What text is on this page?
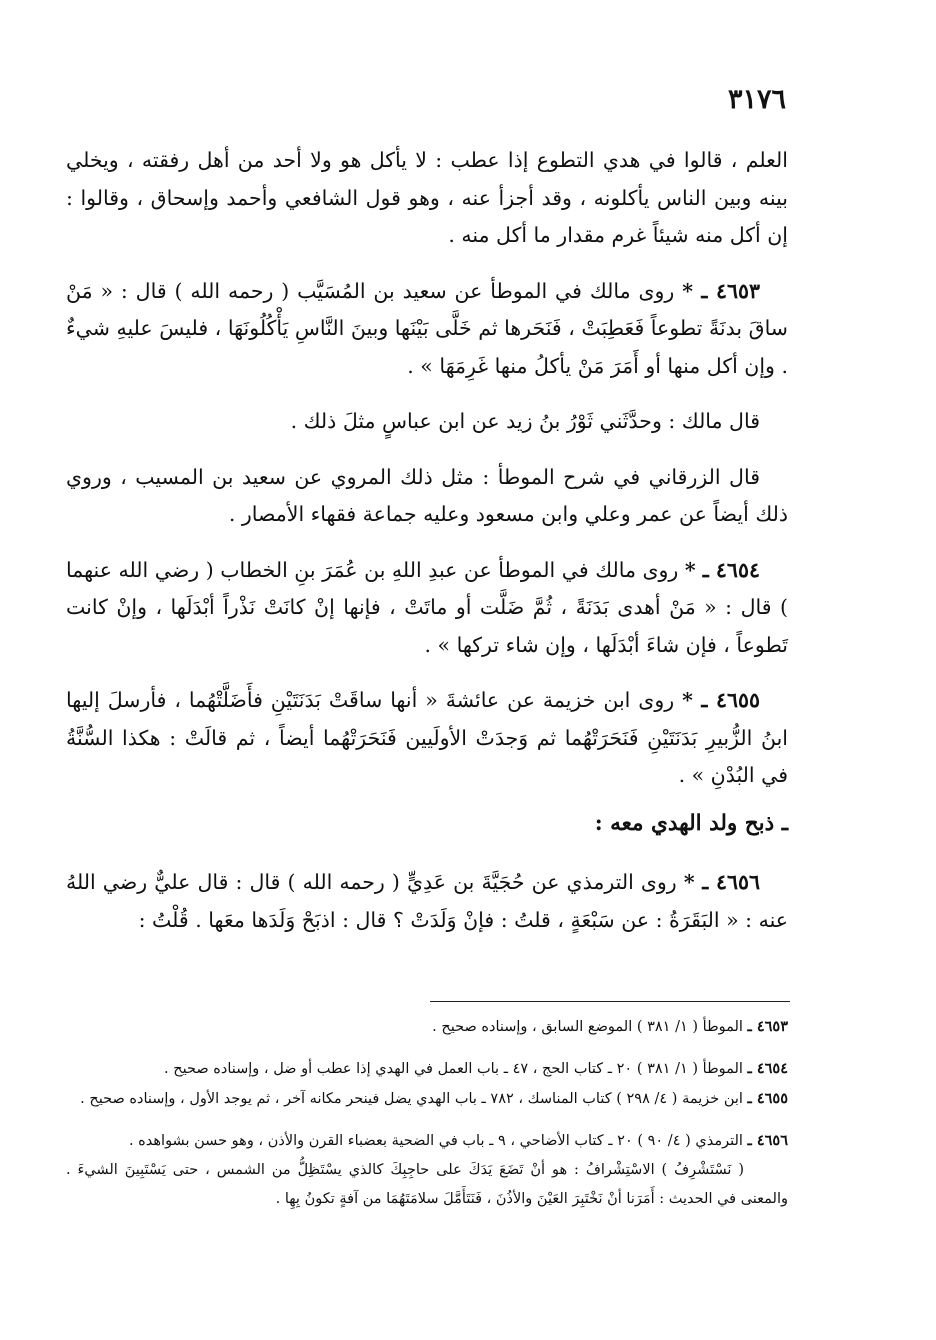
٣١٧٦

العلم ، قالوا في هدي التطوع إذا عطب : لا يأكل هو ولا أحد من أهل رفقته ، ويخلي بينه وبين الناس يأكلونه ، وقد أجزأ عنه ، وهو قول الشافعي وأحمد وإسحاق ، وقالوا : إن أكل منه شيئاً غرم مقدار ما أكل منه .

٤٦٥٣ ـ * روى مالك في الموطأ عن سعيد بن المُسَيَّب ( رحمه الله ) قال : « مَنْ ساقَ بدنَةً تطوعاً فَعَطِبَتْ ، فَنَحَرها ثم خَلَّى بَيْنَها وبينَ النَّاسِ يَأْكُلُونَهَا ، فليسَ عليهِ شيءٌ . وإن أكل منها أو أَمَرَ مَنْ يأكلُ منها غَرِمَهَا » .

قال مالك : وحدَّثَني ثَوْرُ بنُ زيد عن ابن عباسٍ مثلَ ذلك .

قال الزرقاني في شرح الموطأ : مثل ذلك المروي عن سعيد بن المسيب ، وروي ذلك أيضاً عن عمر وعلي وابن مسعود وعليه جماعة فقهاء الأمصار .

٤٦٥٤ ـ * روى مالك في الموطأ عن عبدِ اللهِ بن عُمَرَ بنِ الخطاب ( رضي الله عنهما ) قال : « مَنْ أهدى بَدَنَةً ، ثُمَّ ضَلَّت أو ماتَتْ ، فإنها إنْ كانَتْ نَذْراً أبْدَلَها ، وإنْ كانت تَطوعاً ، فإن شاءَ أبْدَلَها ، وإن شاء تركها » .

٤٦٥٥ ـ * روى ابن خزيمة عن عائشةَ « أنها ساقَتْ بَدَنَتَيْنِ فأَضَلَّتْهُما ، فأرسلَ إليها ابنُ الزُّبيرِ بَدَنَتَيْنِ فَنَحَرَتْهُما ثم وَجدَتْ الأولَيين فَنَحَرَتْهُما أيضاً ، ثم قالَتْ : هكذا السُّنَّةُ في البُدْنِ » .

ـ ذبح ولد الهدي معه :

٤٦٥٦ ـ * روى الترمذي عن حُجَيَّةَ بن عَدِيٍّ ( رحمه الله ) قال : قال عليٌّ رضي اللهُ عنه : « البَقَرَةُ : عن سَبْعَةٍ ، قلتُ : فإنْ وَلَدَتْ ؟ قال : اذبَحْ وَلَدَها معَها . قُلْتُ :

٤٦٥٣ ـ الموطأ ( ١/ ٣٨١ ) الموضع السابق ، وإسناده صحيح .

٤٦٥٤ ـ الموطأ ( ١/ ٣٨١ ) ٢٠ ـ كتاب الحج ، ٤٧ ـ باب العمل في الهدي إذا عطب أو ضل ، وإسناده صحيح .

٤٦٥٥ ـ ابن خزيمة ( ٤/ ٢٩٨ ) كتاب المناسك ، ٧٨٢ ـ باب الهدي يضل فينحر مكانه آخر ، ثم يوجد الأول ، وإسناده صحيح .

٤٦٥٦ ـ الترمذي ( ٤/ ٩٠ ) ٢٠ ـ كتاب الأضاحي ، ٩ ـ باب في الضحية بعضباء القرن والأذن ، وهو حسن بشواهده .

( نَسْتَشْرِفُ ) الاسْتِشْرافُ : هو أنْ تَضَعَ يَدَكَ على حاجِبِكَ كالذي يسْتَظِلُّ من الشمس ، حتى يَسْتَبِينَ الشيءَ . والمعنى في الحديث : أَمَرَنا أنْ نَخْتَبِرَ العَيْنَ والأذُنَ ، فَنَتَأَمَّلَ سلامَتَهُمَا من آفةٍ تكونُ بِهِا .
